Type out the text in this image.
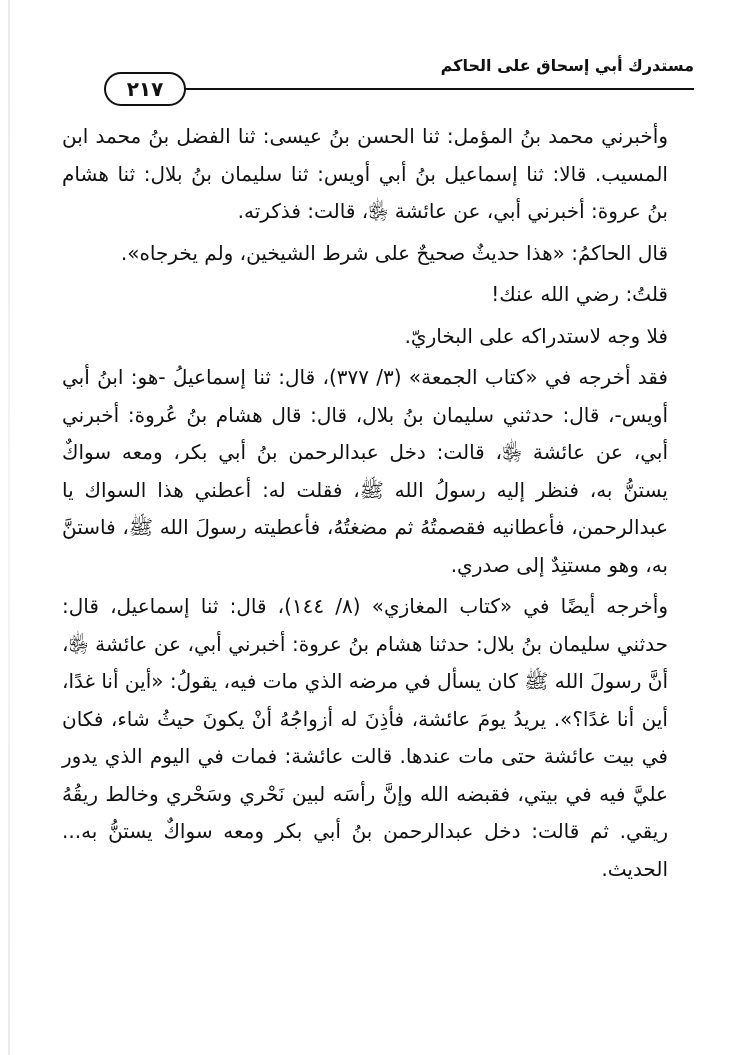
مستدرك أبي إسحاق على الحاكم
٢١٧

وأخبرني محمد بنُ المؤمل: ثنا الحسن بنُ عيسى: ثنا الفضل بنُ محمد ابن المسيب. قالا: ثنا إسماعيل بنُ أبي أويس: ثنا سليمان بنُ بلال: ثنا هشام بنُ عروة: أخبرني أبي، عن عائشة ﵂، قالت: فذكرته.

قال الحاكمُ: «هذا حديثٌ صحيحٌ على شرط الشيخين، ولم يخرجاه».

قلتُ: رضي الله عنك!

فلا وجه لاستدراكه على البخاريّ.

فقد أخرجه في «كتاب الجمعة» (٣/ ٣٧٧)، قال: ثنا إسماعيلُ -هو: ابنُ أبي أويس-، قال: حدثني سليمان بنُ بلال، قال: قال هشام بنُ عُروة: أخبرني أبي، عن عائشة ﵂، قالت: دخل عبدالرحمن بنُ أبي بكر، ومعه سواكٌ يستنُّ به، فنظر إليه رسولُ الله ﷺ، فقلت له: أعطني هذا السواك يا عبدالرحمن، فأعطانيه فقصمتُهُ ثم مضغتُهُ، فأعطيته رسولَ الله ﷺ، فاستنَّ به، وهو مستنِدٌ إلى صدري.

وأخرجه أيضًا في «كتاب المغازي» (٨/ ١٤٤)، قال: ثنا إسماعيل، قال: حدثني سليمان بنُ بلال: حدثنا هشام بنُ عروة: أخبرني أبي، عن عائشة ﵂، أنَّ رسولَ الله ﷺ كان يسأل في مرضه الذي مات فيه، يقولُ: «أين أنا غدًا، أين أنا غدًا؟». يريدُ يومَ عائشة، فأذِنَ له أزواجُهُ أنْ يكونَ حيثُ شاء، فكان في بيت عائشة حتى مات عندها. قالت عائشة: فمات في اليوم الذي يدور عليَّ فيه في بيتي، فقبضه الله وإنَّ رأسَه لبين نَحْري وسَحْري وخالط ريقُهُ ريقي. ثم قالت: دخل عبدالرحمن بنُ أبي بكر ومعه سواكٌ يستنُّ به... الحديث.
